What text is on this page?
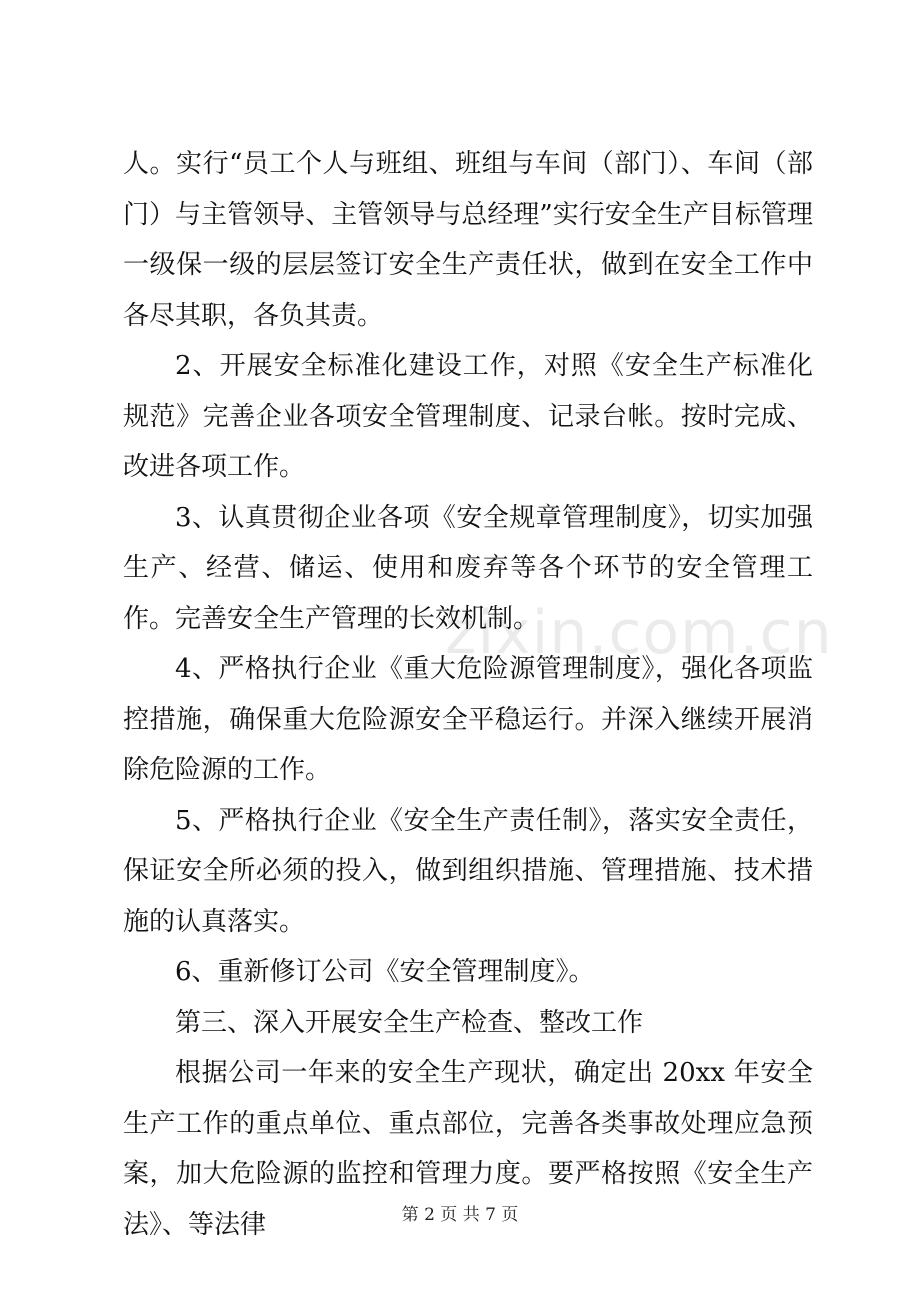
人。实行“员工个人与班组、班组与车间（部门）、车间（部门）与主管领导、主管领导与总经理”实行安全生产目标管理一级保一级的层层签订安全生产责任状，做到在安全工作中各尽其职，各负其责。

2、开展安全标准化建设工作，对照《安全生产标准化规范》完善企业各项安全管理制度、记录台帐。按时完成、改进各项工作。

3、认真贯彻企业各项《安全规章管理制度》，切实加强生产、经营、储运、使用和废弃等各个环节的安全管理工作。完善安全生产管理的长效机制。

4、严格执行企业《重大危险源管理制度》，强化各项监控措施，确保重大危险源安全平稳运行。并深入继续开展消除危险源的工作。

5、严格执行企业《安全生产责任制》，落实安全责任，保证安全所必须的投入，做到组织措施、管理措施、技术措施的认真落实。

6、重新修订公司《安全管理制度》。

第三、深入开展安全生产检查、整改工作

根据公司一年来的安全生产现状，确定出 20xx 年安全生产工作的重点单位、重点部位，完善各类事故处理应急预案，加大危险源的监控和管理力度。要严格按照《安全生产法》、等法律

zixin.com.cn
第 2 页 共 7 页
